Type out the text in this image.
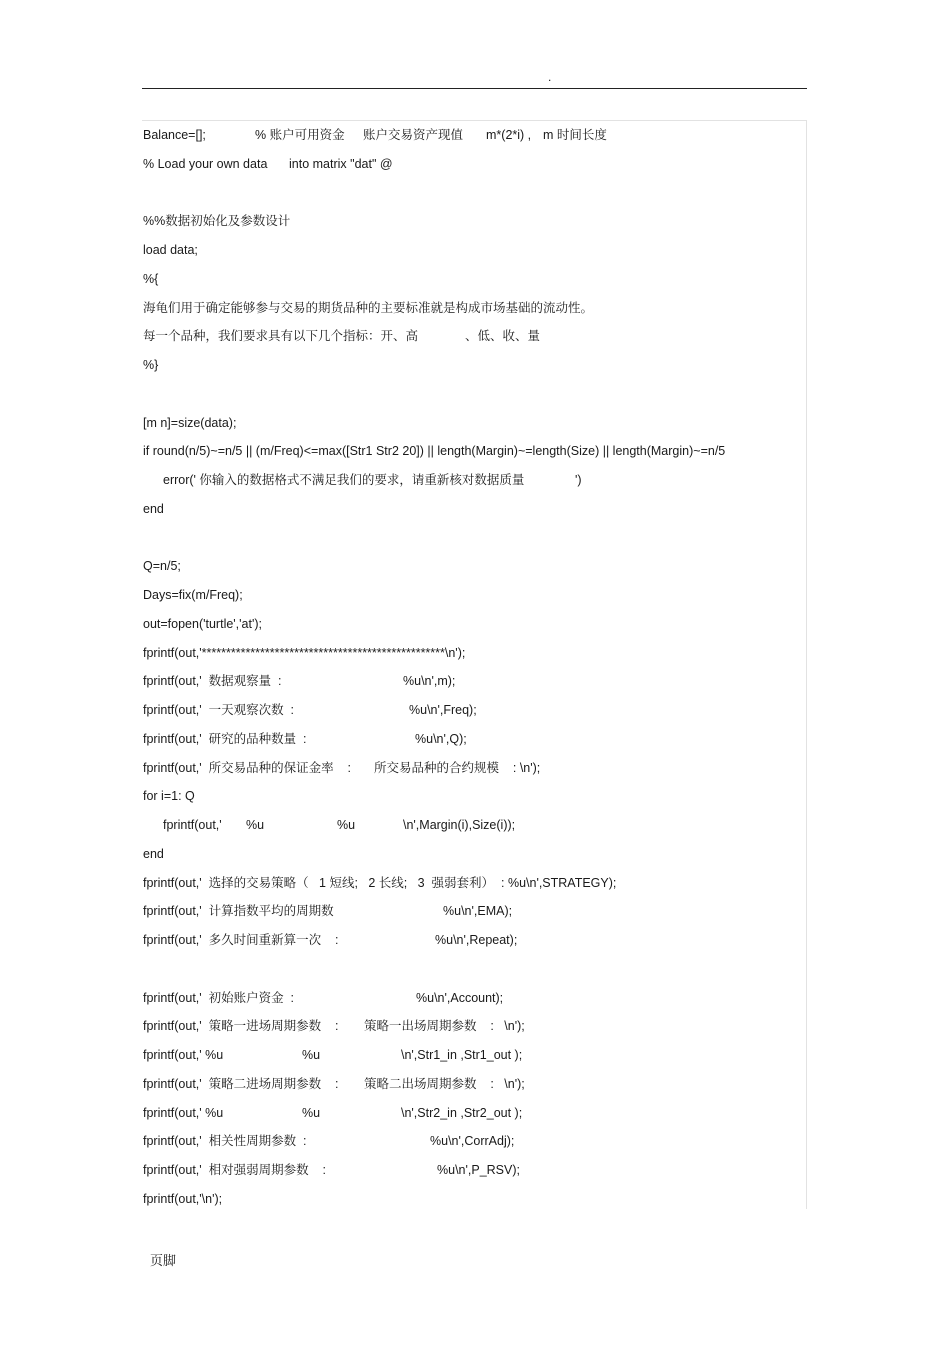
.
Balance=[];	% 账户可用资金 账户交易资产现值 m*(2*i) , m 时间长度
% Load your own data into matrix "dat" @
%%数据初始化及参数设计
load data;
%{
海龟们用于确定能够参与交易的期货品种的主要标准就是构成市场基础的流动性。
每一个品种，我们要求具有以下几个指标：开、高	、低、收、量
%}
[m n]=size(data);
if round(n/5)~=n/5 || (m/Freq)<=max([Str1 Str2 20]) || length(Margin)~=length(Size) || length(Margin)~=n/5
error(' 你输入的数据格式不满足我们的要求，请重新核对数据质量	')
end
Q=n/5;
Days=fix(m/Freq);
out=fopen('turtle','at');
fprintf(out,'**************************************************\n');
fprintf(out,'  数据观察量  :	%u\n',m);
fprintf(out,'  一天观察次数  :	%u\n',Freq);
fprintf(out,'  研究的品种数量  :	%u\n',Q);
fprintf(out,'  所交易品种的保证金率    : 所交易品种的合约规模    : \n');
for i=1: Q
fprintf(out,' %u	%u	\n',Margin(i),Size(i));
end
fprintf(out,'  选择的交易策略（   1 短线;   2 长线;   3  强弱套利）  : %u\n',STRATEGY);
fprintf(out,'  计算指数平均的周期数	%u\n',EMA);
fprintf(out,'  多久时间重新算一次    :	%u\n',Repeat);
fprintf(out,'  初始账户资金  :	%u\n',Account);
fprintf(out,'  策略一进场周期参数    : 策略一出场周期参数    :   \n');
fprintf(out,' %u	%u	\n',Str1_in ,Str1_out );
fprintf(out,'  策略二进场周期参数    : 策略二出场周期参数    :   \n');
fprintf(out,' %u	%u	\n',Str2_in ,Str2_out );
fprintf(out,'  相关性周期参数  :	%u\n',CorrAdj);
fprintf(out,'  相对强弱周期参数    :	%u\n',P_RSV);
fprintf(out,'\n');
页脚
